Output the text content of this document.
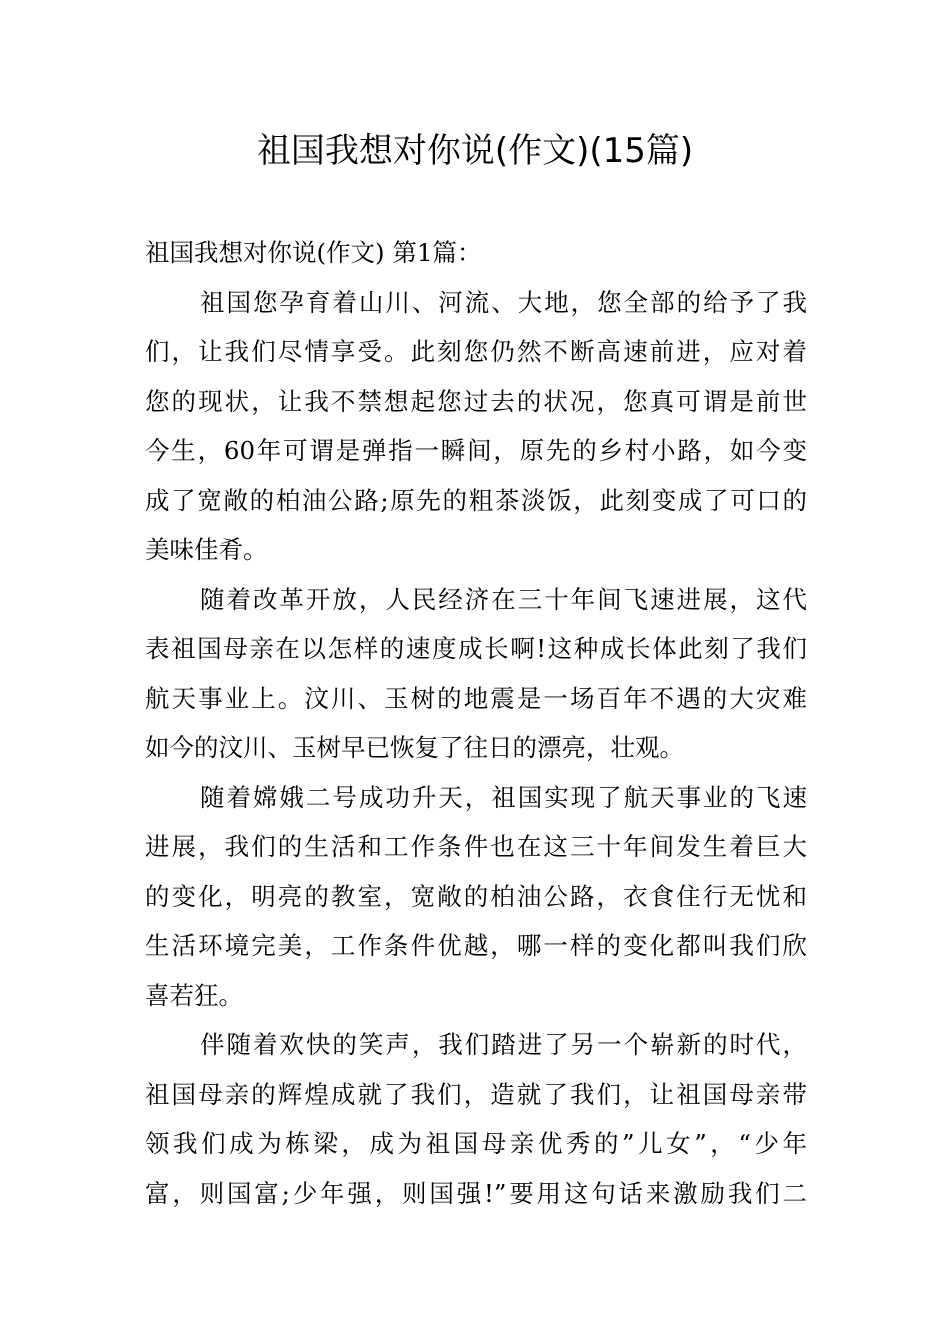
祖国我想对你说(作文)(15篇)
祖国我想对你说(作文) 第1篇：
祖国您孕育着山川、河流、大地，您全部的给予了我
们，让我们尽情享受。此刻您仍然不断高速前进，应对着
您的现状，让我不禁想起您过去的状况，您真可谓是前世
今生，60年可谓是弹指一瞬间，原先的乡村小路，如今变
成了宽敞的柏油公路;原先的粗茶淡饭，此刻变成了可口的
美味佳肴。
随着改革开放，人民经济在三十年间飞速进展，这代
表祖国母亲在以怎样的速度成长啊!这种成长体此刻了我们
航天事业上。汶川、玉树的地震是一场百年不遇的大灾难
如今的汶川、玉树早已恢复了往日的漂亮，壮观。
随着嫦娥二号成功升天，祖国实现了航天事业的飞速
进展，我们的生活和工作条件也在这三十年间发生着巨大
的变化，明亮的教室，宽敞的柏油公路，衣食住行无忧和
生活环境完美，工作条件优越，哪一样的变化都叫我们欣
喜若狂。
伴随着欢快的笑声，我们踏进了另一个崭新的时代，
祖国母亲的辉煌成就了我们，造就了我们，让祖国母亲带
领我们成为栋梁，成为祖国母亲优秀的”儿女”，“少年
富，则国富;少年强，则国强!”要用这句话来激励我们二
